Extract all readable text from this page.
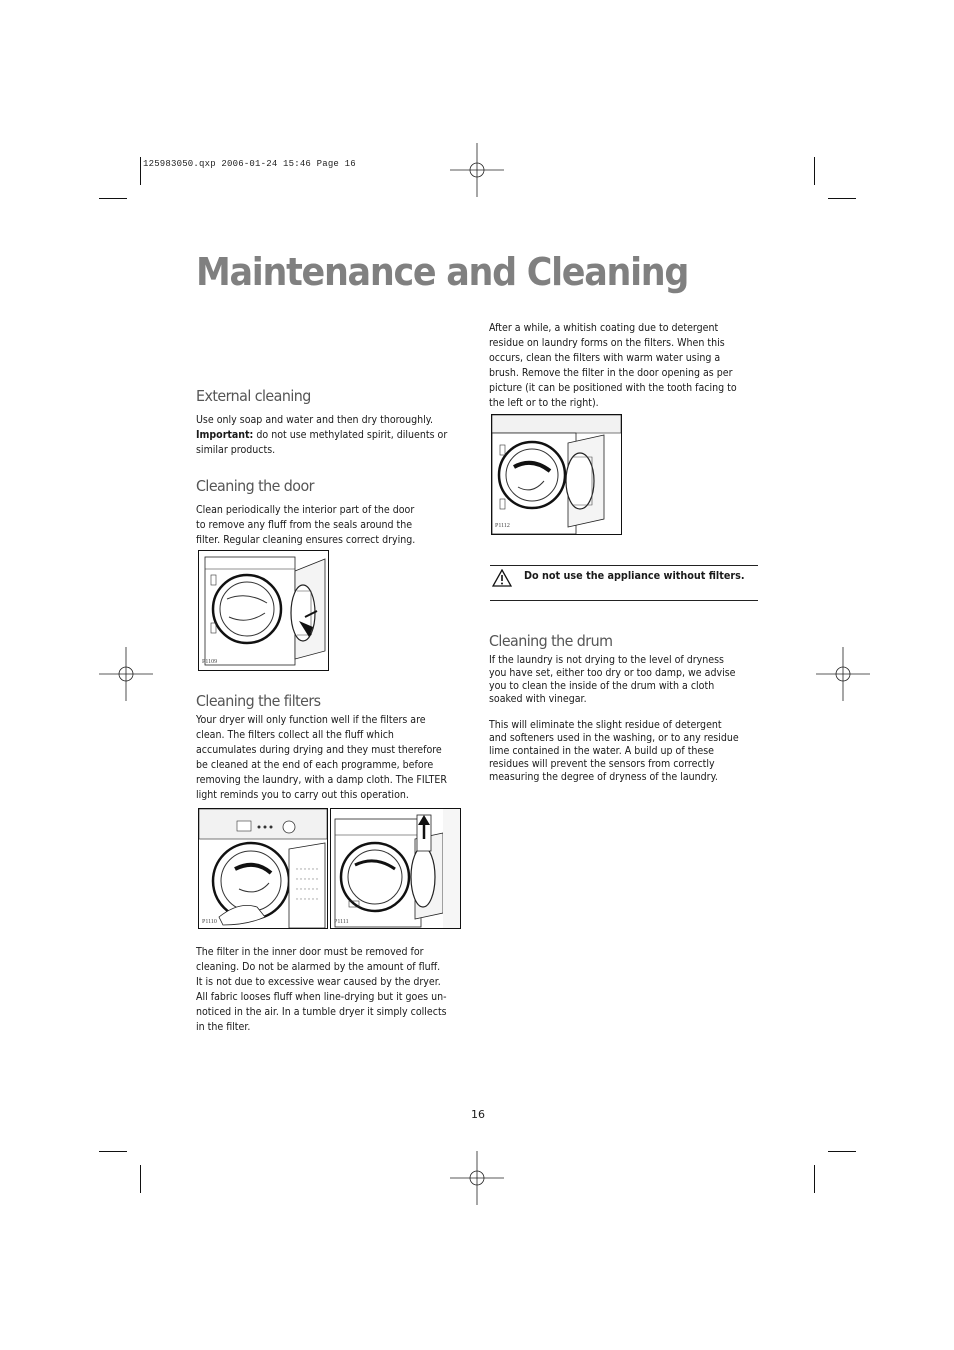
125983050.qxp 2006-01-24 15:46 Page 16
Maintenance and Cleaning
External cleaning

Use only soap and water and then dry thoroughly.
Important: do not use methylated spirit, diluents or similar products.

Cleaning the door

Clean periodically the interior part of the door to remove any fluff from the seals around the filter. Regular cleaning ensures correct drying.

P1109
Cleaning the filters

Your dryer will only function well if the filters are clean. The filters collect all the fluff which accumulates during drying and they must therefore be cleaned at the end of each programme, before removing the laundry, with a damp cloth. The FILTER light reminds you to carry out this operation.

P1110	P1111

The filter in the inner door must be removed for cleaning. Do not be alarmed by the amount of fluff. It is not due to excessive wear caused by the dryer. All fabric looses fluff when line-drying but it goes un-noticed in the air. In a tumble dryer it simply collects in the filter.

After a while, a whitish coating due to detergent residue on laundry forms on the filters. When this occurs, clean the filters with warm water using a brush. Remove the filter in the door opening as per picture (it can be positioned with the tooth facing to the left or to the right).

P1112
Do not use the appliance without filters.
Cleaning the drum

If the laundry is not drying to the level of dryness you have set, either too dry or too damp, we advise you to clean the inside of the drum with a cloth soaked with vinegar.

This will eliminate the slight residue of detergent and softeners used in the washing, or to any residue lime contained in the water. A build up of these residues will prevent the sensors from correctly measuring the degree of dryness of the laundry.

16
